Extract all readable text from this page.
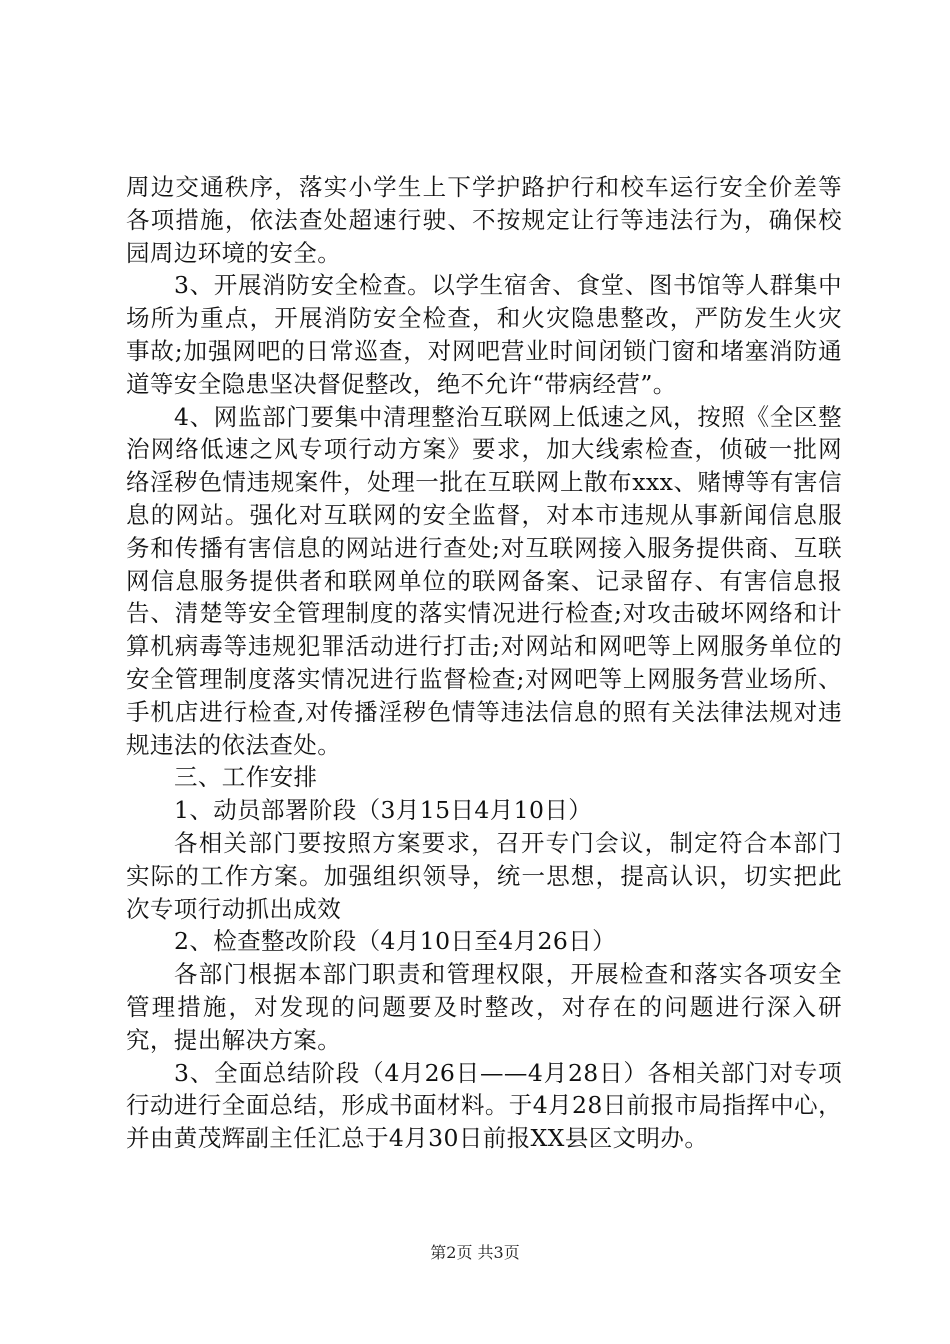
周边交通秩序，落实小学生上下学护路护行和校车运行安全价差等各项措施，依法查处超速行驶、不按规定让行等违法行为，确保校园周边环境的安全。

3、开展消防安全检查。以学生宿舍、食堂、图书馆等人群集中场所为重点，开展消防安全检查，和火灾隐患整改，严防发生火灾事故;加强网吧的日常巡查，对网吧营业时间闭锁门窗和堵塞消防通道等安全隐患坚决督促整改，绝不允许“带病经营”。

4、网监部门要集中清理整治互联网上低速之风，按照《全区整治网络低速之风专项行动方案》要求，加大线索检查，侦破一批网络淫秽色情违规案件，处理一批在互联网上散布xxx、赌博等有害信息的网站。强化对互联网的安全监督，对本市违规从事新闻信息服务和传播有害信息的网站进行查处;对互联网接入服务提供商、互联网信息服务提供者和联网单位的联网备案、记录留存、有害信息报告、清楚等安全管理制度的落实情况进行检查;对攻击破坏网络和计算机病毒等违规犯罪活动进行打击;对网站和网吧等上网服务单位的安全管理制度落实情况进行监督检查;对网吧等上网服务营业场所、手机店进行检查,对传播淫秽色情等违法信息的照有关法律法规对违规违法的依法查处。

三、工作安排

1、动员部署阶段（3月15日4月10日）

各相关部门要按照方案要求，召开专门会议，制定符合本部门实际的工作方案。加强组织领导，统一思想，提高认识，切实把此次专项行动抓出成效

2、检查整改阶段（4月10日至4月26日）

各部门根据本部门职责和管理权限，开展检查和落实各项安全管理措施，对发现的问题要及时整改，对存在的问题进行深入研究，提出解决方案。

3、全面总结阶段（4月26日——4月28日）各相关部门对专项行动进行全面总结，形成书面材料。于4月28日前报市局指挥中心，并由黄茂辉副主任汇总于4月30日前报XX县区文明办。

第2页 共3页
